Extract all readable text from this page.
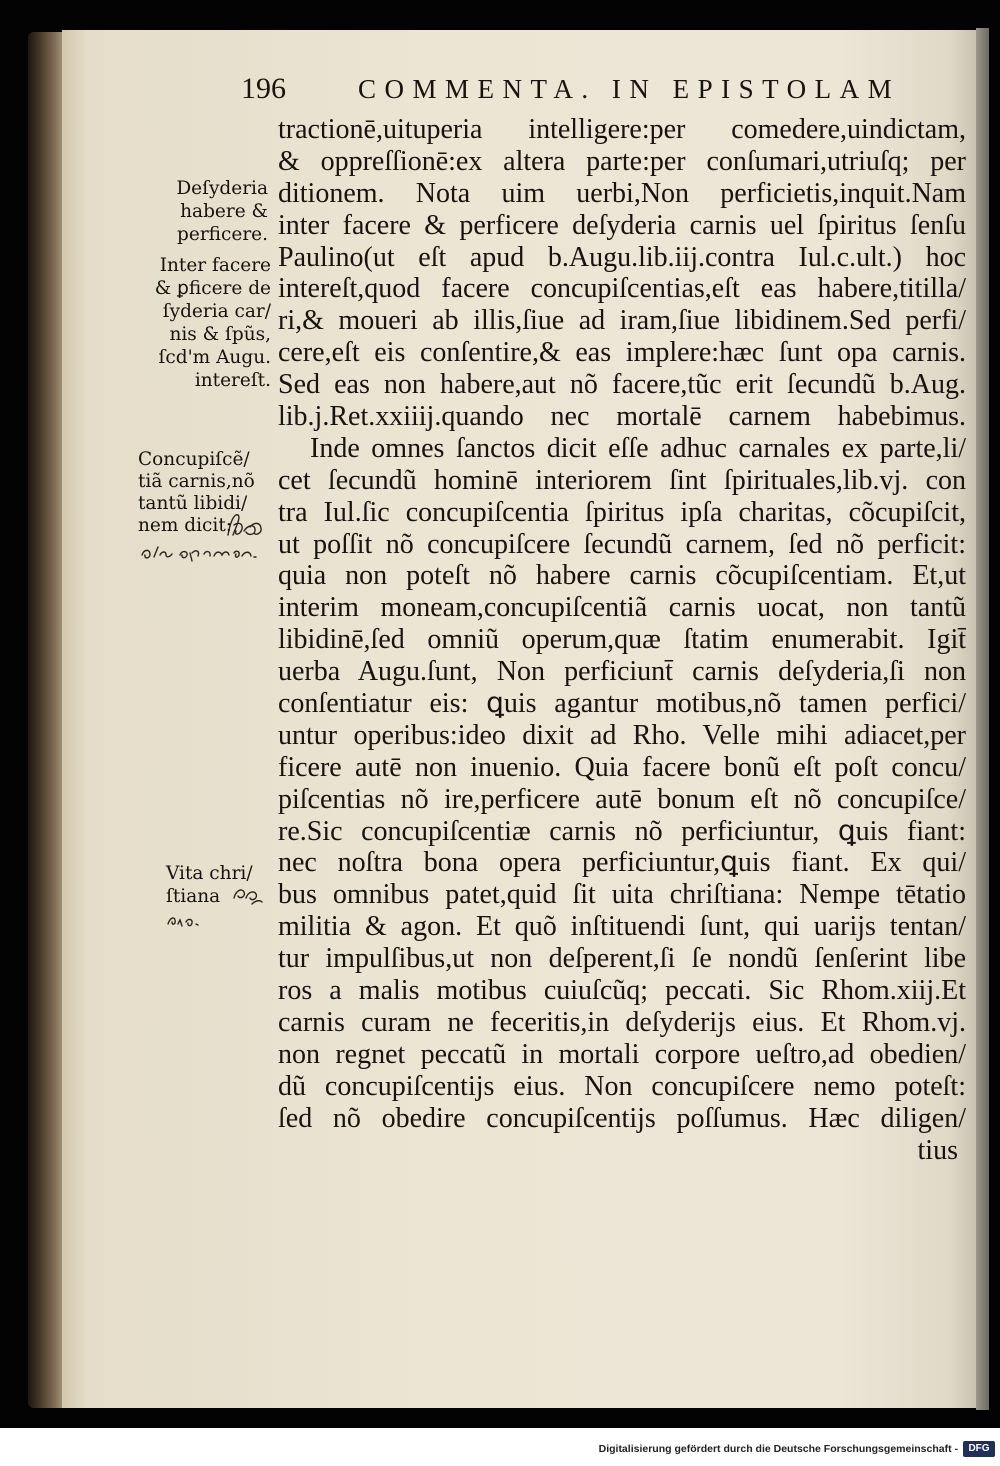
196	COMMENTA. IN EPISTOLAM
Deſyderia
habere &
perficere.
Inter facere
& ꝑficere de
ſyderia car/
nis & ſpũs,
ſcd'm Augu.
intereſt.
Concupiſcẽ/
tiã carnis,nõ
tantũ libidi/
nem dicit:
Vita chri/
ſtiana
tractionē,uituperia intelligere:per comedere,uindictam,
& oppreſſionē:ex altera parte:per conſumari,utriuſq; per
ditionem. Nota uim uerbi,Non perficietis,inquit.Nam
inter facere & perficere deſyderia carnis uel ſpiritus ſenſu
Paulino(ut eſt apud b.Augu.lib.iij.contra Iul.c.ult.) hoc
intereſt,quod facere concupiſcentias,eſt eas habere,titilla/
ri,& moueri ab illis,ſiue ad iram,ſiue libidinem.Sed perfi/
cere,eſt eis conſentire,& eas implere:hæc ſunt opa carnis.
Sed eas non habere,aut nõ facere,tũc erit ſecundũ b.Aug.
lib.j.Ret.xxiiij.quando nec mortalē carnem habebimus.
Inde omnes ſanctos dicit eſſe adhuc carnales ex parte,li/
cet ſecundũ hominē interiorem ſint ſpirituales,lib.vj. con
tra Iul.ſic concupiſcentia ſpiritus ipſa charitas, cõcupiſcit,
ut poſſit nõ concupiſcere ſecundũ carnem, ſed nõ perficit:
quia non poteſt nõ habere carnis cõcupiſcentiam. Et,ut
interim moneam,concupiſcentiã carnis uocat, non tantũ
libidinē,ſed omniũ operum,quæ ſtatim enumerabit. Igit̄
uerba Augu.ſunt, Non perficiunt̄ carnis deſyderia,ſi non
conſentiatur eis: ꝗuis agantur motibus,nõ tamen perfici/
untur operibus:ideo dixit ad Rho. Velle mihi adiacet,per
ficere autē non inuenio. Quia facere bonũ eſt poſt concu/
piſcentias nõ ire,perficere autē bonum eſt nõ concupiſce/
re.Sic concupiſcentiæ carnis nõ perficiuntur, ꝗuis fiant:
nec noſtra bona opera perficiuntur,ꝗuis fiant. Ex qui/
bus omnibus patet,quid ſit uita chriſtiana: Nempe tētatio
militia & agon. Et quõ inſtituendi ſunt, qui uarijs tentan/
tur impulſibus,ut non deſperent,ſi ſe nondũ ſenſerint libe
ros a malis motibus cuiuſcũq; peccati. Sic Rhom.xiij.Et
carnis curam ne feceritis,in deſyderijs eius. Et Rhom.vj.
non regnet peccatũ in mortali corpore ueſtro,ad obedien/
dũ concupiſcentijs eius. Non concupiſcere nemo poteſt:
ſed nõ obedire concupiſcentijs poſſumus. Hæc diligen/
tius
Digitalisierung gefördert durch die Deutsche Forschungsgemeinschaft -	DFG
